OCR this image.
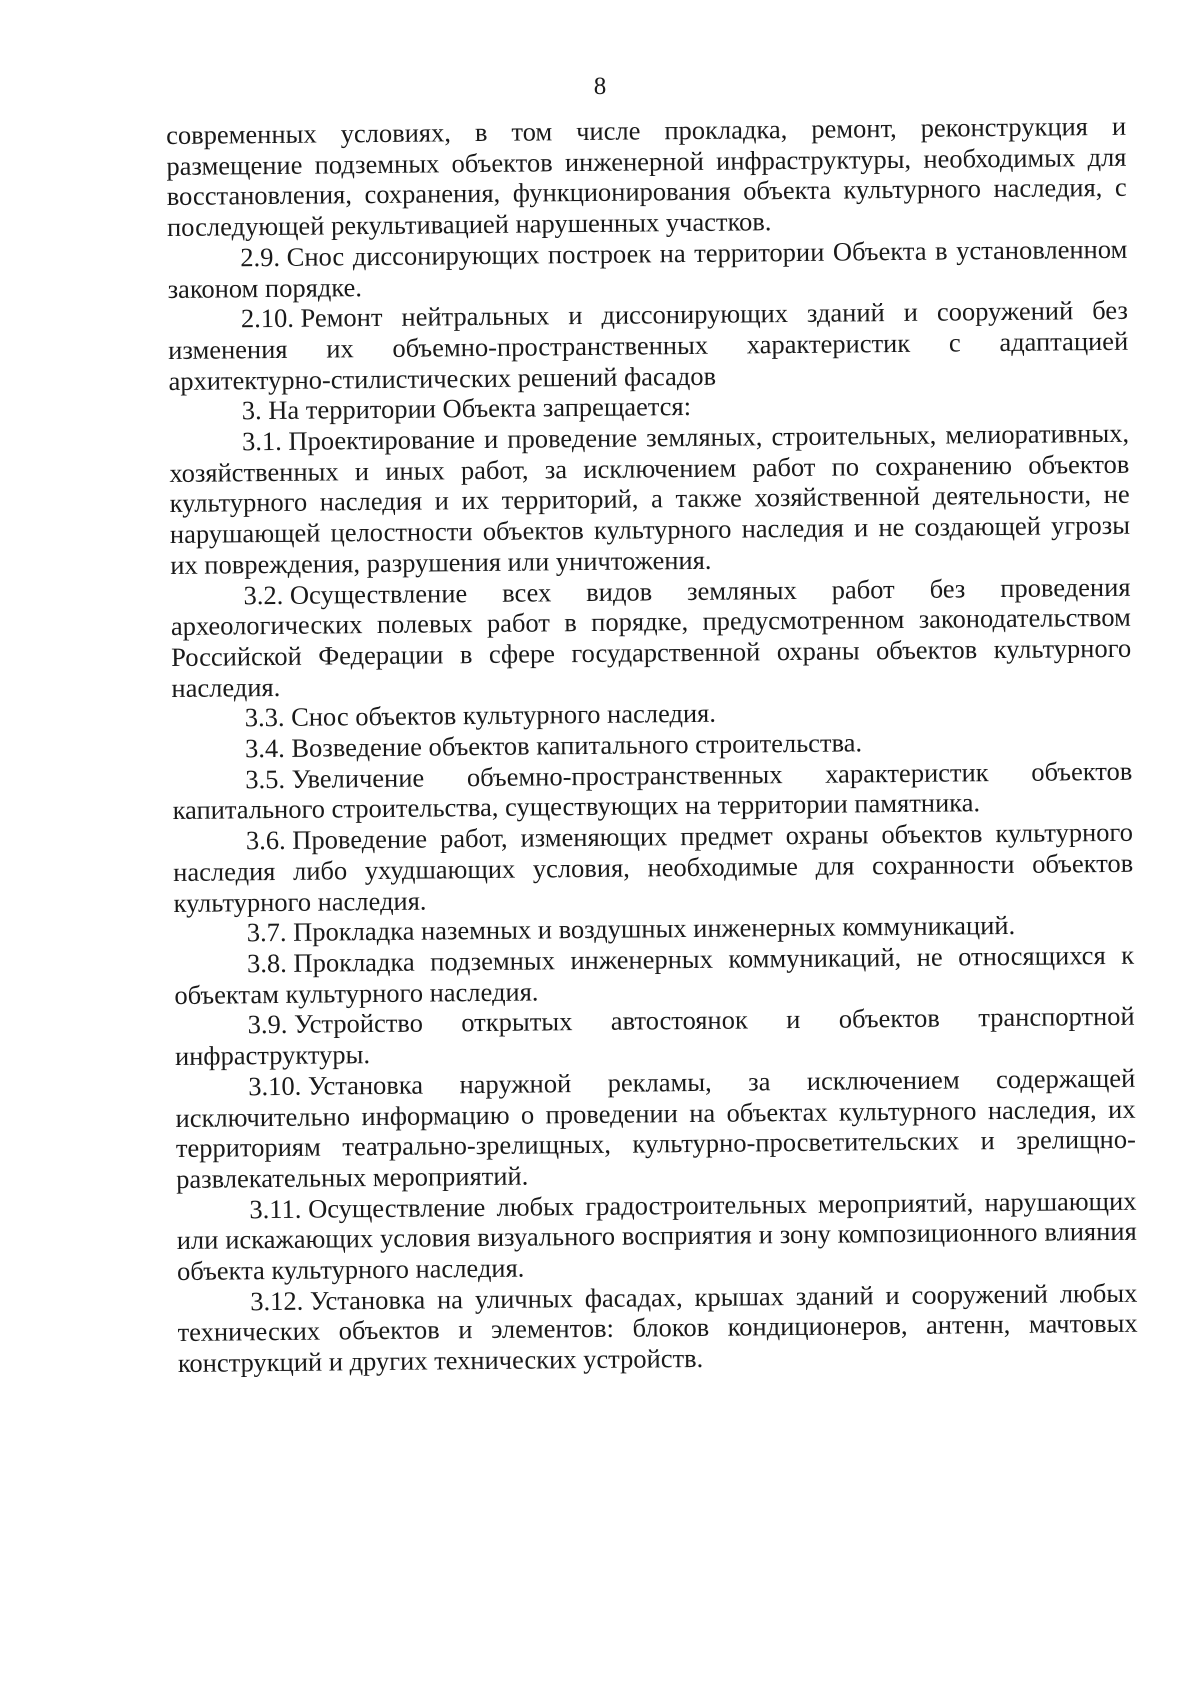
8

современных условиях, в том числе прокладка, ремонт, реконструкция и размещение подземных объектов инженерной инфраструктуры, необходимых для восстановления, сохранения, функционирования объекта культурного наследия, с последующей рекультивацией нарушенных участков.

2.9. Снос диссонирующих построек на территории Объекта в установленном законом порядке.

2.10. Ремонт нейтральных и диссонирующих зданий и сооружений без изменения их объемно-пространственных характеристик с адаптацией архитектурно-стилистических решений фасадов

3. На территории Объекта запрещается:

3.1. Проектирование и проведение земляных, строительных, мелиоративных, хозяйственных и иных работ, за исключением работ по сохранению объектов культурного наследия и их территорий, а также хозяйственной деятельности, не нарушающей целостности объектов культурного наследия и не создающей угрозы их повреждения, разрушения или уничтожения.

3.2. Осуществление всех видов земляных работ без проведения археологических полевых работ в порядке, предусмотренном законодательством Российской Федерации в сфере государственной охраны объектов культурного наследия.

3.3. Снос объектов культурного наследия.

3.4. Возведение объектов капитального строительства.

3.5. Увеличение объемно-пространственных характеристик объектов капитального строительства, существующих на территории памятника.

3.6. Проведение работ, изменяющих предмет охраны объектов культурного наследия либо ухудшающих условия, необходимые для сохранности объектов культурного наследия.

3.7. Прокладка наземных и воздушных инженерных коммуникаций.

3.8. Прокладка подземных инженерных коммуникаций, не относящихся к объектам культурного наследия.

3.9. Устройство открытых автостоянок и объектов транспортной инфраструктуры.

3.10. Установка наружной рекламы, за исключением содержащей исключительно информацию о проведении на объектах культурного наследия, их территориям театрально-зрелищных, культурно-просветительских и зрелищно-развлекательных мероприятий.

3.11. Осуществление любых градостроительных мероприятий, нарушающих или искажающих условия визуального восприятия и зону композиционного влияния объекта культурного наследия.

3.12. Установка на уличных фасадах, крышах зданий и сооружений любых технических объектов и элементов: блоков кондиционеров, антенн, мачтовых конструкций и других технических устройств.
